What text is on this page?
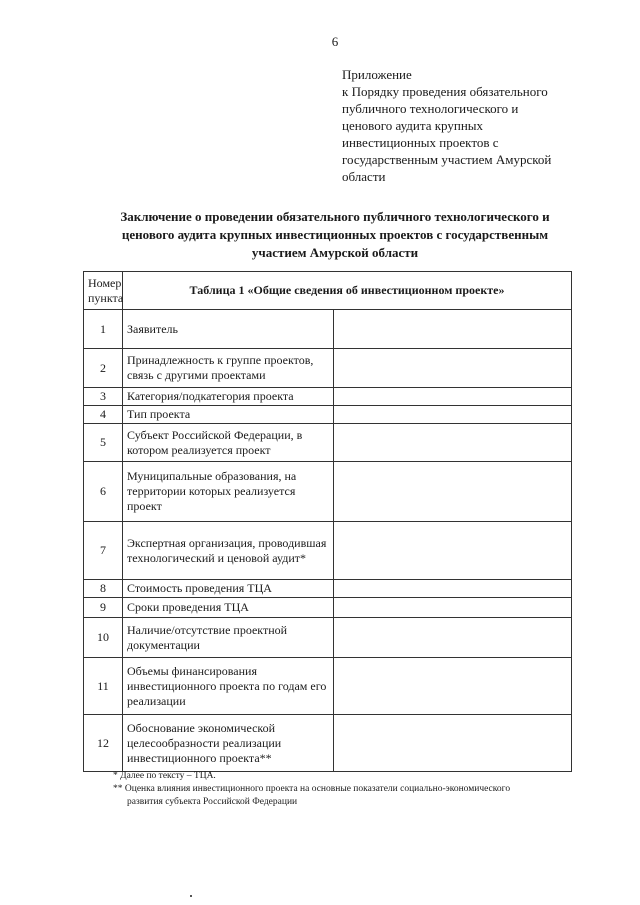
6
Приложение
к Порядку проведения обязательного
публичного технологического и
ценового аудита крупных
инвестиционных проектов с
государственным участием Амурской
области
Заключение о проведении обязательного публичного технологического и
ценового аудита крупных инвестиционных проектов с государственным
участием Амурской области
Номер
пункта	Таблица 1 «Общие сведения об инвестиционном проекте»	
1	Заявитель	
2	Принадлежность к группе проектов, связь с другими проектами	
3	Категория/подкатегория проекта	
4	Тип проекта	
5	Субъект Российской Федерации, в котором реализуется проект	
6	Муниципальные образования, на территории которых реализуется проект	
7	Экспертная организация, проводившая технологический и ценовой аудит*	
8	Стоимость проведения ТЦА	
9	Сроки проведения ТЦА	
10	Наличие/отсутствие проектной документации	
11	Объемы финансирования инвестиционного проекта по годам его реализации	
12	Обоснование экономической целесообразности реализации инвестиционного проекта**	
* Далее по тексту – ТЦА.
** Оценка влияния инвестиционного проекта на основные показатели социально-экономического
развития субъекта Российской Федерации
